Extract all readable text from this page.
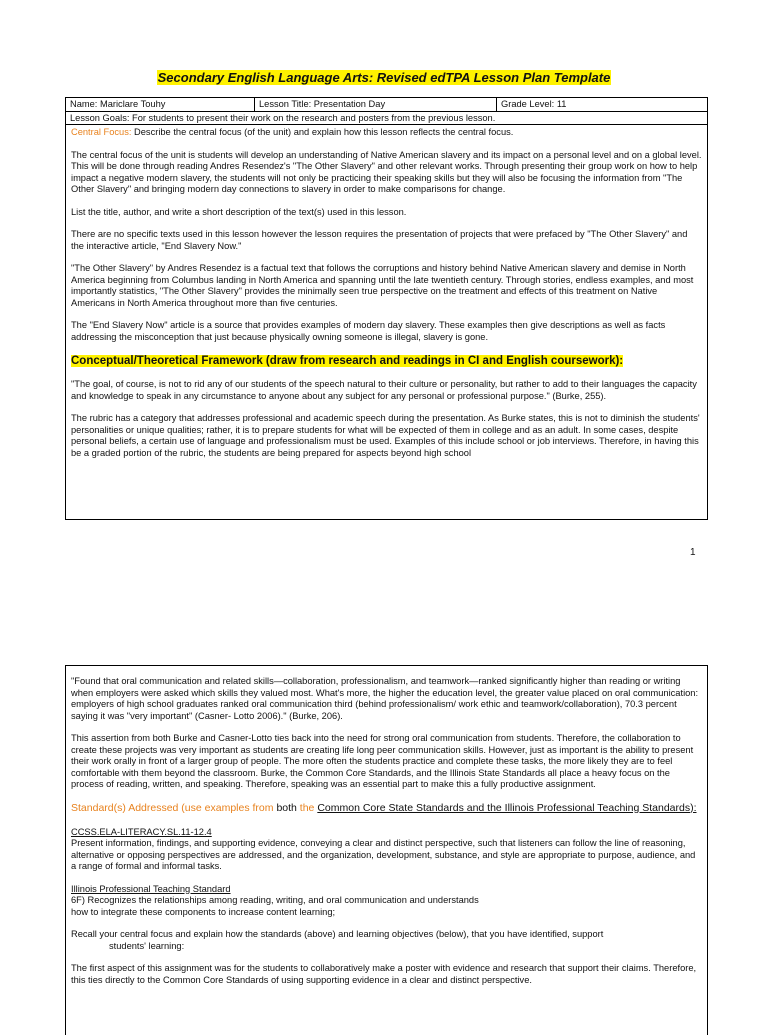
Secondary English Language Arts: Revised edTPA Lesson Plan Template
Name: Mariclare Touhy	Lesson Title: Presentation Day	Grade Level: 11
Lesson Goals: For students to present their work on the research and posters from the previous lesson.

Central Focus: Describe the central focus (of the unit) and explain how this lesson reflects the central focus.

The central focus of the unit is students will develop an understanding of Native American slavery and its impact on a personal level and on a global level. This will be done through reading Andres Resendez's "The Other Slavery" and other relevant works. Through presenting their group work on how to help impact a negative modern slavery, the students will not only be practicing their speaking skills but they will also be focusing the information from "The Other Slavery" and bringing modern day connections to slavery in order to make comparisons for change.

List the title, author, and write a short description of the text(s) used in this lesson.

There are no specific texts used in this lesson however the lesson requires the presentation of projects that were prefaced by "The Other Slavery" and the interactive article, "End Slavery Now."

"The Other Slavery" by Andres Resendez is a factual text that follows the corruptions and history behind Native American slavery and demise in North America beginning from Columbus landing in North America and spanning until the late twentieth century. Through stories, endless examples, and most importantly statistics, "The Other Slavery" provides the minimally seen true perspective on the treatment and effects of this treatment on Native Americans in North America throughout more than five centuries.

The "End Slavery Now" article is a source that provides examples of modern day slavery. These examples then give descriptions as well as facts addressing the misconception that just because physically owning someone is illegal, slavery is gone.

Conceptual/Theoretical Framework (draw from research and readings in CI and English coursework):

"The goal, of course, is not to rid any of our students of the speech natural to their culture or personality, but rather to add to their languages the capacity and knowledge to speak in any circumstance to anyone about any subject for any personal or professional purpose." (Burke, 255).

The rubric has a category that addresses professional and academic speech during the presentation. As Burke states, this is not to diminish the students' personalities or unique qualities; rather, it is to prepare students for what will be expected of them in college and as an adult. In some cases, despite personal beliefs, a certain use of language and professionalism must be used. Examples of this include school or job interviews. Therefore, in having this be a graded portion of the rubric, the students are being prepared for aspects beyond high school

1

"Found that oral communication and related skills—collaboration, professionalism, and teamwork—ranked significantly higher than reading or writing when employers were asked which skills they valued most. What's more, the higher the education level, the greater value placed on oral communication: employers of high school graduates ranked oral communication third (behind professionalism/ work ethic and teamwork/collaboration), 70.3 percent saying it was "very important" (Casner- Lotto 2006)." (Burke, 206).

This assertion from both Burke and Casner-Lotto ties back into the need for strong oral communication from students. Therefore, the collaboration to create these projects was very important as students are creating life long peer communication skills. However, just as important is the ability to present their work orally in front of a larger group of people. The more often the students practice and complete these tasks, the more likely they are to feel comfortable with them beyond the classroom. Burke, the Common Core Standards, and the Illinois State Standards all place a heavy focus on the process of reading, written, and speaking. Therefore, speaking was an essential part to make this a fully productive assignment.

Standard(s) Addressed (use examples from both the Common Core State Standards and the Illinois Professional Teaching Standards):
CCSS.ELA-LITERACY.SL.11-12.4

Present information, findings, and supporting evidence, conveying a clear and distinct perspective, such that listeners can follow the line of reasoning, alternative or opposing perspectives are addressed, and the organization, development, substance, and style are appropriate to purpose, audience, and a range of formal and informal tasks.

Illinois Professional Teaching Standard
6F) Recognizes the relationships among reading, writing, and oral communication and understands

how to integrate these components to increase content learning;

Recall your central focus and explain how the standards (above) and learning objectives (below), that you have identified, support

students' learning:

The first aspect of this assignment was for the students to collaboratively make a poster with evidence and research that support their claims. Therefore, this ties directly to the Common Core Standards of using supporting evidence in a clear and distinct perspective.
